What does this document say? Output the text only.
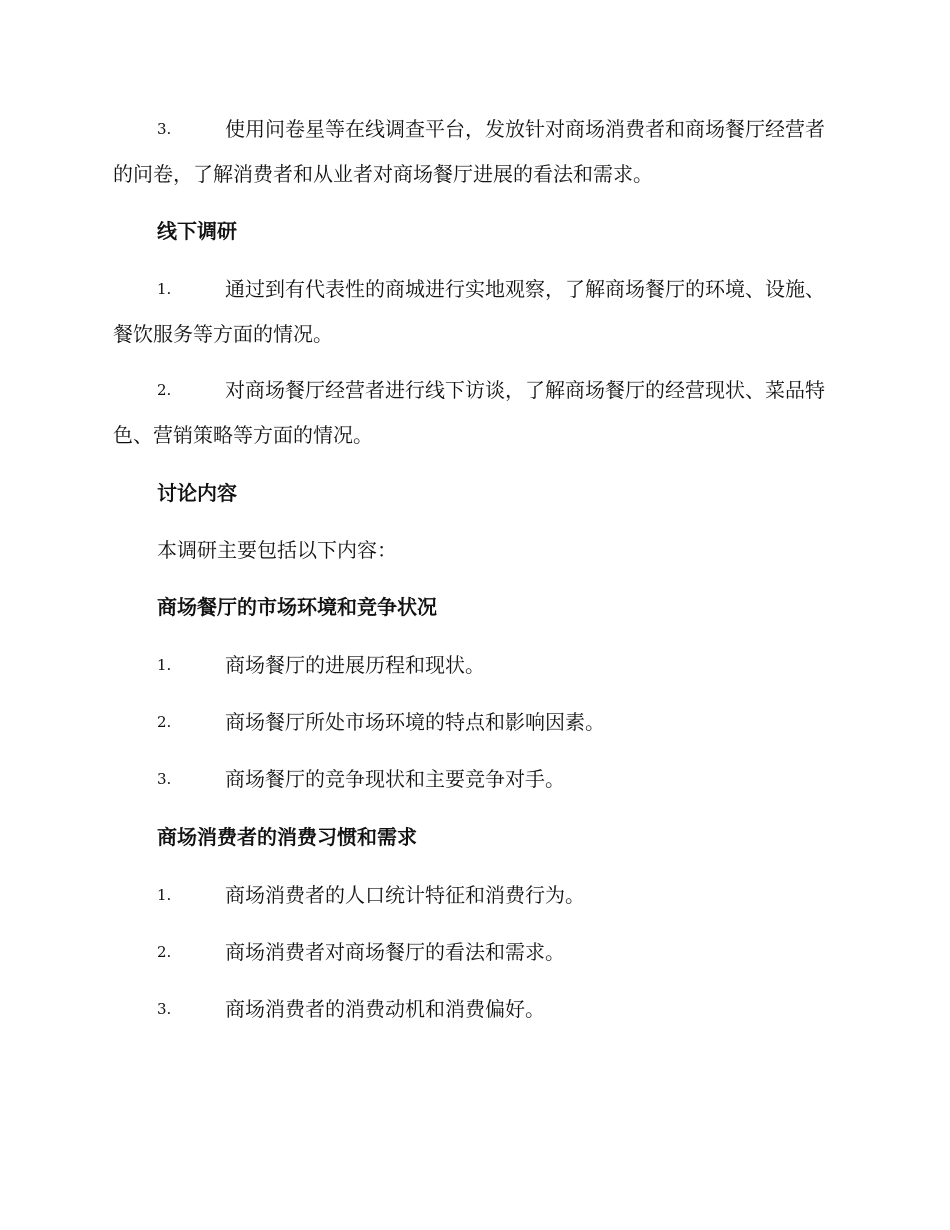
3.	使用问卷星等在线调查平台，发放针对商场消费者和商场餐厅经营者的问卷，了解消费者和从业者对商场餐厅进展的看法和需求。
线下调研
1.	通过到有代表性的商城进行实地观察，了解商场餐厅的环境、设施、餐饮服务等方面的情况。
2.	对商场餐厅经营者进行线下访谈，了解商场餐厅的经营现状、菜品特色、营销策略等方面的情况。
讨论内容
本调研主要包括以下内容：
商场餐厅的市场环境和竞争状况
1.	商场餐厅的进展历程和现状。
2.	商场餐厅所处市场环境的特点和影响因素。
3.	商场餐厅的竞争现状和主要竞争对手。
商场消费者的消费习惯和需求
1.	商场消费者的人口统计特征和消费行为。
2.	商场消费者对商场餐厅的看法和需求。
3.	商场消费者的消费动机和消费偏好。
